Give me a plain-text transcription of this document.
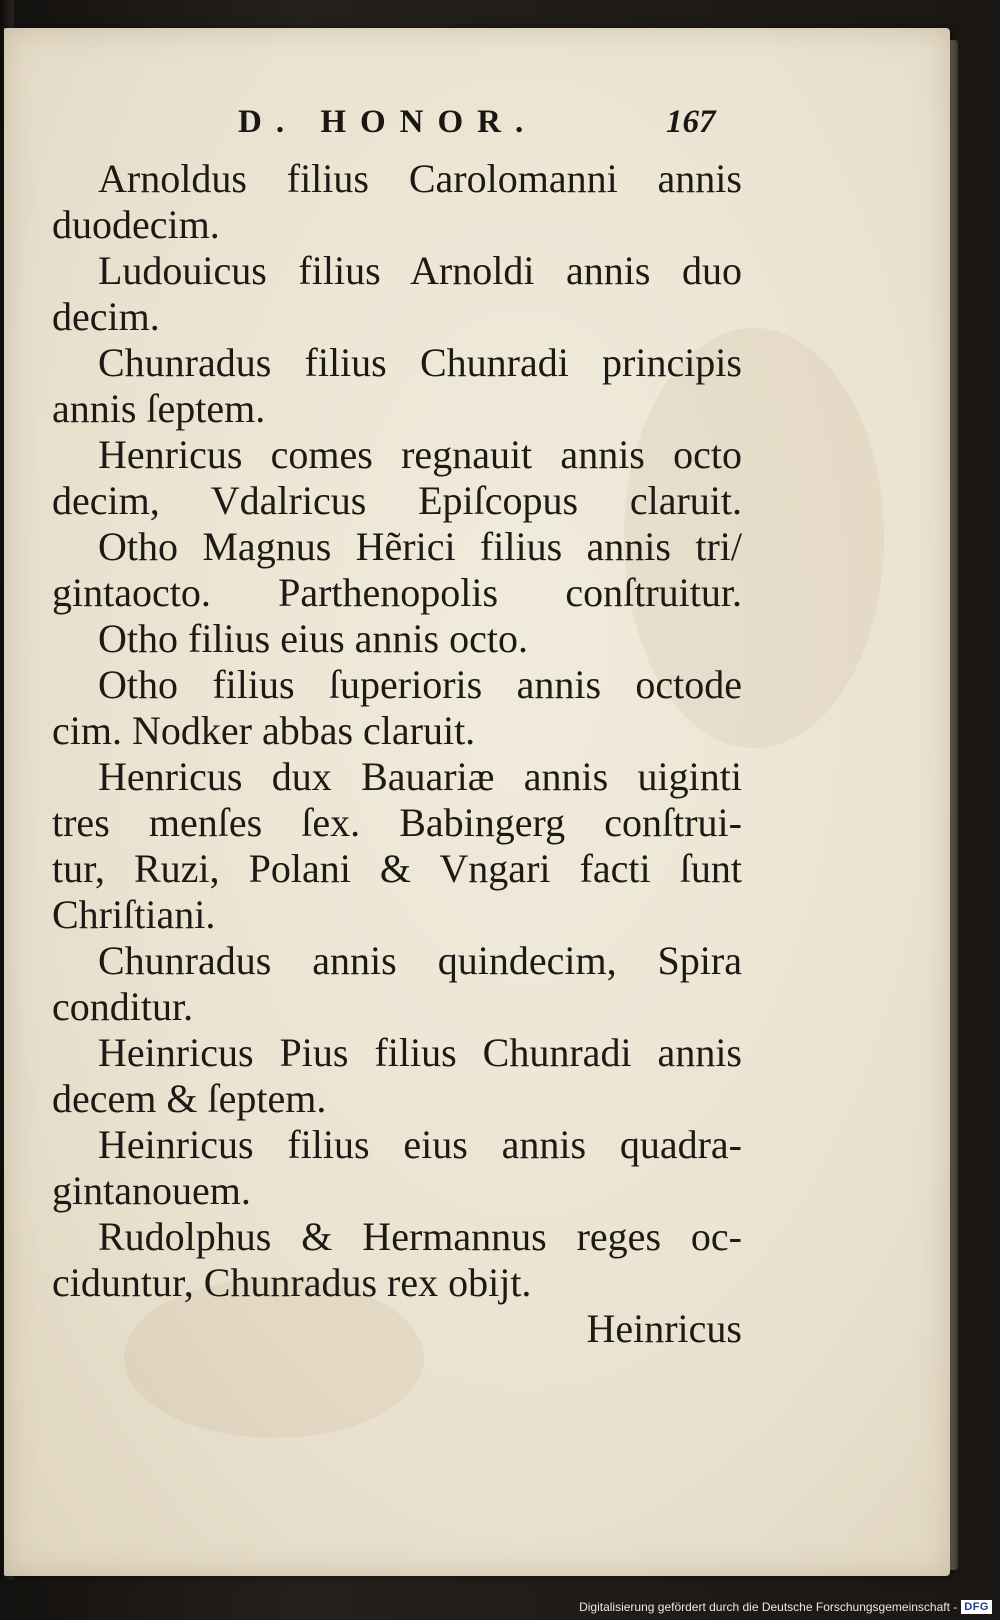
D. HONOR.	167
Arnoldus filius Carolomanni annis
duodecim.
Ludouicus filius Arnoldi annis duo
decim.
Chunradus filius Chunradi principis
annis ſeptem.
Henricus comes regnauit annis octo
decim, Vdalricus Epiſcopus claruit.
Otho Magnus Hẽrici filius annis tri/
gintaocto. Parthenopolis conſtruitur.
Otho filius eius annis octo.
Otho filius ſuperioris annis octode
cim. Nodker abbas claruit.
Henricus dux Bauariæ annis uiginti
tres menſes ſex. Babingerg conſtrui-
tur, Ruzi, Polani & Vngari facti ſunt
Chriſtiani.
Chunradus annis quindecim, Spira
conditur.
Heinricus Pius filius Chunradi annis
decem & ſeptem.
Heinricus filius eius annis quadra-
gintanouem.
Rudolphus & Hermannus reges oc-
ciduntur, Chunradus rex obijt.
Heinricus
Digitalisierung gefördert durch die Deutsche Forschungsgemeinschaft - DFG
